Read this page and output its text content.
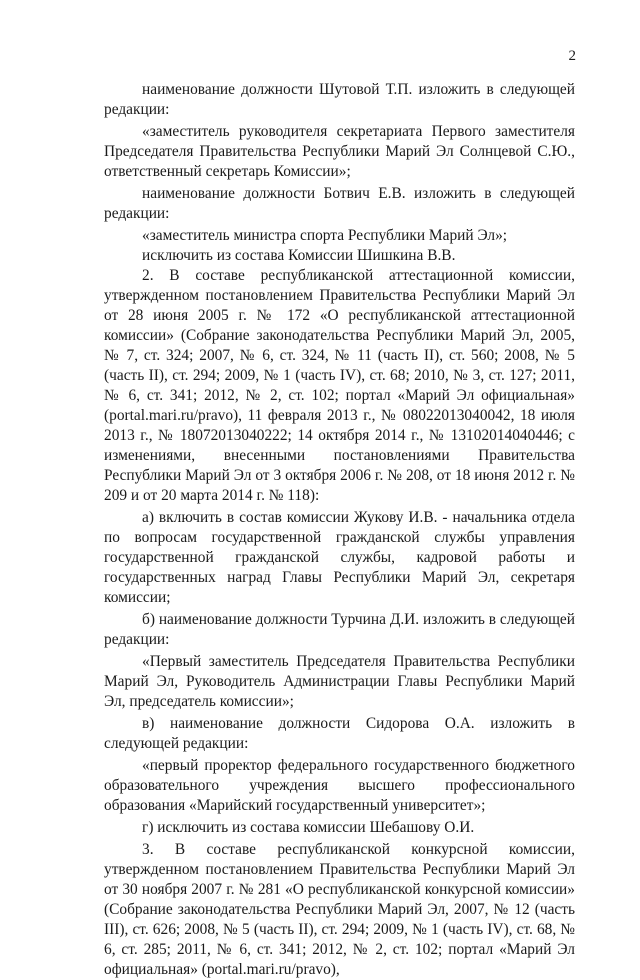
2

наименование должности Шутовой Т.П. изложить в следующей редакции:

«заместитель руководителя секретариата Первого заместителя Председателя Правительства Республики Марий Эл Солнцевой С.Ю., ответственный секретарь Комиссии»;

наименование должности Ботвич Е.В. изложить в следующей редакции:

«заместитель министра спорта Республики Марий Эл»;

исключить из состава Комиссии Шишкина В.В.

2. В составе республиканской аттестационной комиссии, утвержденном постановлением Правительства Республики Марий Эл от 28 июня 2005 г. № 172 «О республиканской аттестационной комиссии» (Собрание законодательства Республики Марий Эл, 2005, № 7, ст. 324; 2007, № 6, ст. 324, № 11 (часть II), ст. 560; 2008, № 5 (часть II), ст. 294; 2009, № 1 (часть IV), ст. 68; 2010, № 3, ст. 127; 2011, № 6, ст. 341; 2012, № 2, ст. 102; портал «Марий Эл официальная» (portal.mari.ru/pravo), 11 февраля 2013 г., № 08022013040042, 18 июля 2013 г., № 18072013040222; 14 октября 2014 г., № 13102014040446; с изменениями, внесенными постановлениями Правительства Республики Марий Эл от 3 октября 2006 г. № 208, от 18 июня 2012 г. № 209 и от 20 марта 2014 г. № 118):

а) включить в состав комиссии Жукову И.В. - начальника отдела по вопросам государственной гражданской службы управления государственной гражданской службы, кадровой работы и государственных наград Главы Республики Марий Эл, секретаря комиссии;

б) наименование должности Турчина Д.И. изложить в следующей редакции:

«Первый заместитель Председателя Правительства Республики Марий Эл, Руководитель Администрации Главы Республики Марий Эл, председатель комиссии»;

в) наименование должности Сидорова О.А. изложить в следующей редакции:

«первый проректор федерального государственного бюджетного образовательного учреждения высшего профессионального образования «Марийский государственный университет»;

г) исключить из состава комиссии Шебашову О.И.

3. В составе республиканской конкурсной комиссии, утвержденном постановлением Правительства Республики Марий Эл от 30 ноября 2007 г. № 281 «О республиканской конкурсной комиссии» (Собрание законодательства Республики Марий Эл, 2007, № 12 (часть III), ст. 626; 2008, № 5 (часть II), ст. 294; 2009, № 1 (часть IV), ст. 68, № 6, ст. 285; 2011, № 6, ст. 341; 2012, № 2, ст. 102; портал «Марий Эл официальная» (portal.mari.ru/pravo),
